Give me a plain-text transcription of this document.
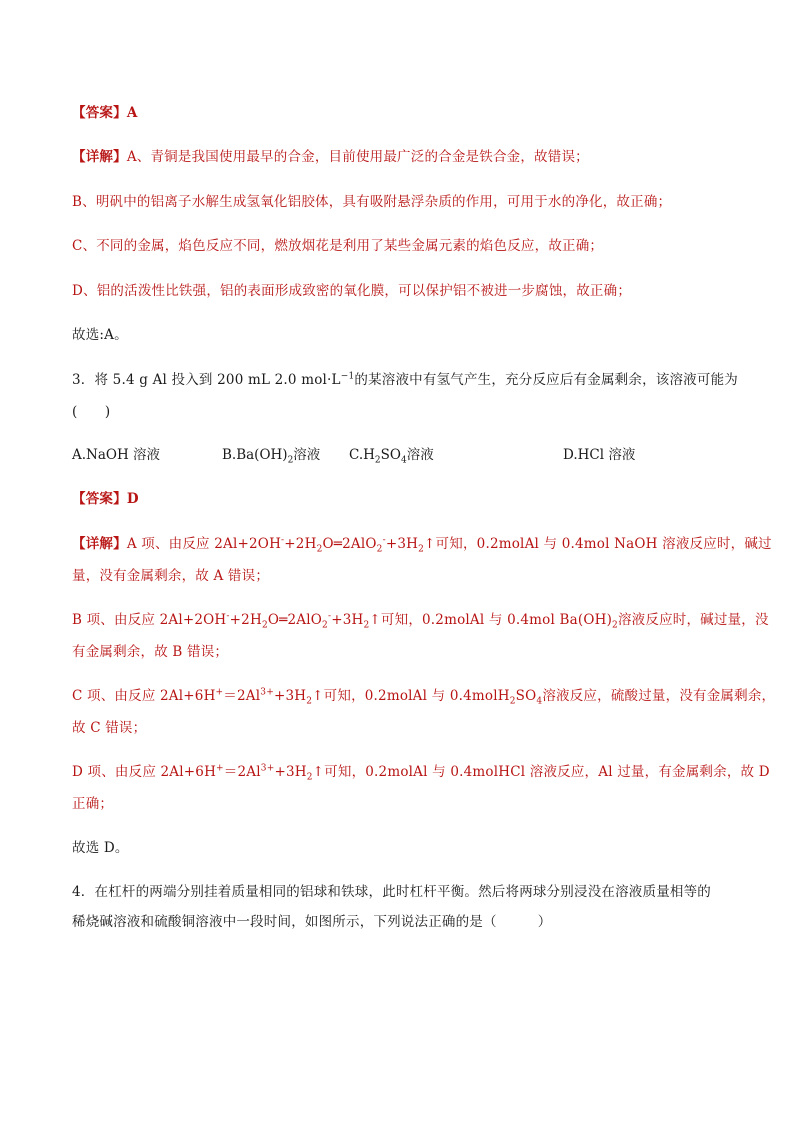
【答案】A
【详解】A、青铜是我国使用最早的合金，目前使用最广泛的合金是铁合金，故错误；
B、明矾中的铝离子水解生成氢氧化铝胶体，具有吸附悬浮杂质的作用，可用于水的净化，故正确；
C、不同的金属，焰色反应不同，燃放烟花是利用了某些金属元素的焰色反应，故正确；
D、铝的活泼性比铁强，铝的表面形成致密的氧化膜，可以保护铝不被进一步腐蚀，故正确；
故选:A。
3．将 5.4 g Al 投入到 200 mL 2.0 $mol\cdot L^{-1}$的某溶液中有氢气产生，充分反应后有金属剩余，该溶液可能为
(　　)
A.NaOH 溶液	$B.Ba(OH)_2$溶液 $C.H_2SO_4$溶液	D.HCl 溶液
【答案】D
【详解】A 项、由反应 $2Al+2OH^-+2H_2O═2AlO_2^-+3H_2↑$可知，0.2molAl 与 0.4mol NaOH 溶液反应时，碱过
量，没有金属剩余，故 A 错误；
B 项、由反应 $2Al+2OH^-+2H_2O═2AlO_2^-+3H_2↑$可知，0.2molAl 与 0.4mol $Ba(OH)_2$溶液反应时，碱过量，没
有金属剩余，故 B 错误；
C 项、由反应 $2Al+6H^+=2Al^{3+}+3H_2↑$可知，0.2molAl 与 $0.4molH_2SO_4$溶液反应，硫酸过量，没有金属剩余，
故 C 错误；
D 项、由反应 $2Al+6H^+=2Al^{3+}+3H_2↑$可知，0.2molAl 与 0.4molHCl 溶液反应，Al 过量，有金属剩余，故 D
正确；
故选 D。
4．在杠杆的两端分别挂着质量相同的铝球和铁球，此时杠杆平衡。然后将两球分别浸没在溶液质量相等的
稀烧碱溶液和硫酸铜溶液中一段时间，如图所示，下列说法正确的是（　　　）
